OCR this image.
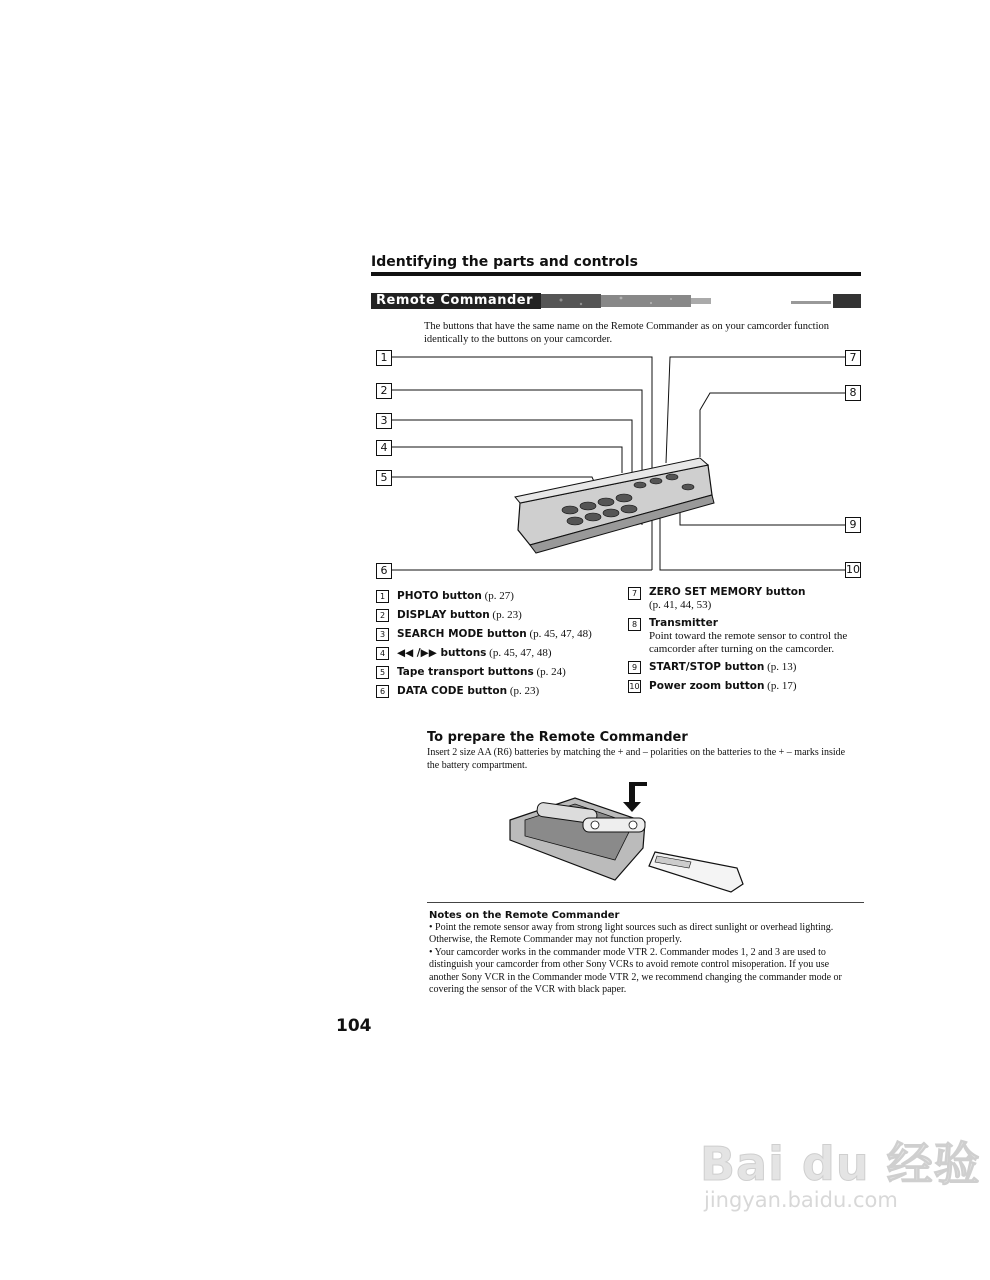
Identifying the parts and controls
Remote Commander
The buttons that have the same name on the Remote Commander as on your camcorder function identically to the buttons on your camcorder.
1
2
3
4
5
6
7
8
9
10
1	PHOTO button (p. 27)
2	DISPLAY button (p. 23)
3	SEARCH MODE button (p. 45, 47, 48)
4	◀◀ /▶▶ buttons (p. 45, 47, 48)
5	Tape transport buttons (p. 24)
6	DATA CODE button (p. 23)
7	ZERO SET MEMORY button
(p. 41, 44, 53)
8	Transmitter
Point toward the remote sensor to control the camcorder after turning on the camcorder.
9	START/STOP button (p. 13)
10 Power zoom button (p. 17)
To prepare the Remote Commander
Insert 2 size AA (R6) batteries by matching the + and – polarities on the batteries to the + – marks inside the battery compartment.
Notes on the Remote Commander
• Point the remote sensor away from strong light sources such as direct sunlight or overhead lighting. Otherwise, the Remote Commander may not function properly.
• Your camcorder works in the commander mode VTR 2. Commander modes 1, 2 and 3 are used to distinguish your camcorder from other Sony VCRs to avoid remote control misoperation. If you use another Sony VCR in the Commander mode VTR 2, we recommend changing the commander mode or covering the sensor of the VCR with black paper.
104
Bai du 经验
jingyan.baidu.com
